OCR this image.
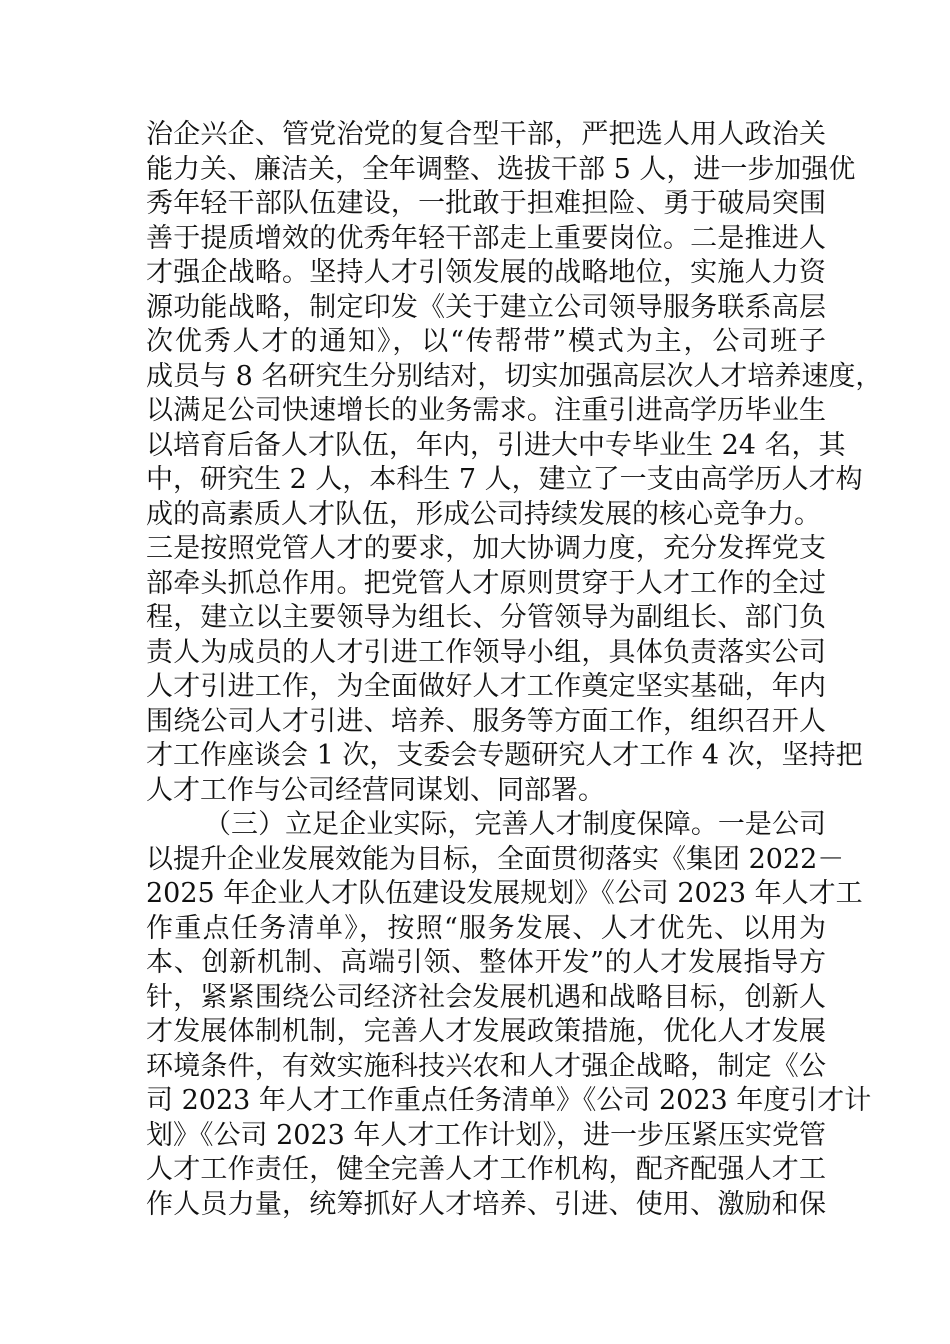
治企兴企、管党治党的复合型干部，严把选人用人政治关
能力关、廉洁关，全年调整、选拔干部 5 人，进一步加强优
秀年轻干部队伍建设，一批敢于担难担险、勇于破局突围
善于提质增效的优秀年轻干部走上重要岗位。二是推进人
才强企战略。坚持人才引领发展的战略地位，实施人力资
源功能战略，制定印发《关于建立公司领导服务联系高层
次优秀人才的通知》，以“传帮带”模式为主，公司班子
成员与 8 名研究生分别结对，切实加强高层次人才培养速度，
以满足公司快速增长的业务需求。注重引进高学历毕业生
以培育后备人才队伍，年内，引进大中专毕业生 24 名，其
中，研究生 2 人，本科生 7 人，建立了一支由高学历人才构
成的高素质人才队伍，形成公司持续发展的核心竞争力。
三是按照党管人才的要求，加大协调力度，充分发挥党支
部牵头抓总作用。把党管人才原则贯穿于人才工作的全过
程，建立以主要领导为组长、分管领导为副组长、部门负
责人为成员的人才引进工作领导小组，具体负责落实公司
人才引进工作，为全面做好人才工作奠定坚实基础，年内
围绕公司人才引进、培养、服务等方面工作，组织召开人
才工作座谈会 1 次，支委会专题研究人才工作 4 次，坚持把
人才工作与公司经营同谋划、同部署。
（三）立足企业实际，完善人才制度保障。一是公司
以提升企业发展效能为目标，全面贯彻落实《集团 2022－
2025 年企业人才队伍建设发展规划》《公司 2023 年人才工
作重点任务清单》，按照“服务发展、人才优先、以用为
本、创新机制、高端引领、整体开发”的人才发展指导方
针，紧紧围绕公司经济社会发展机遇和战略目标，创新人
才发展体制机制，完善人才发展政策措施，优化人才发展
环境条件，有效实施科技兴农和人才强企战略，制定《公
司 2023 年人才工作重点任务清单》《公司 2023 年度引才计
划》《公司 2023 年人才工作计划》，进一步压紧压实党管
人才工作责任，健全完善人才工作机构，配齐配强人才工
作人员力量，统筹抓好人才培养、引进、使用、激励和保
